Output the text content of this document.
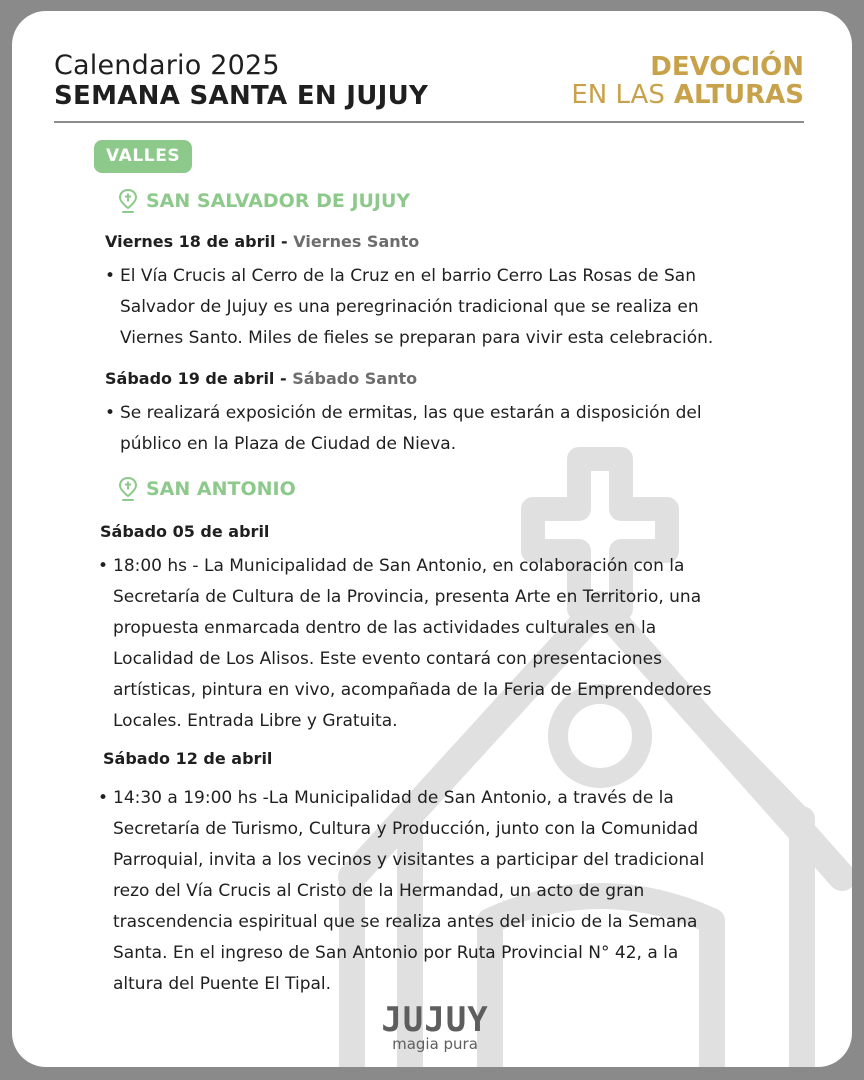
Calendario 2025
SEMANA SANTA EN JUJUY
DEVOCIÓN
EN LAS ALTURAS
VALLES
SAN SALVADOR DE JUJUY
Viernes 18 de abril - Viernes Santo
• El Vía Crucis al Cerro de la Cruz en el barrio Cerro Las Rosas de San
Salvador de Jujuy es una peregrinación tradicional que se realiza en
Viernes Santo. Miles de fieles se preparan para vivir esta celebración.
Sábado 19 de abril - Sábado Santo
• Se realizará exposición de ermitas, las que estarán a disposición del
público en la Plaza de Ciudad de Nieva.
SAN ANTONIO
Sábado 05 de abril
• 18:00 hs - La Municipalidad de San Antonio, en colaboración con la
Secretaría de Cultura de la Provincia, presenta Arte en Territorio, una
propuesta enmarcada dentro de las actividades culturales en la
Localidad de Los Alisos. Este evento contará con presentaciones
artísticas, pintura en vivo, acompañada de la Feria de Emprendedores
Locales. Entrada Libre y Gratuita.
Sábado 12 de abril
• 14:30 a 19:00 hs -La Municipalidad de San Antonio, a través de la
Secretaría de Turismo, Cultura y Producción, junto con la Comunidad
Parroquial, invita a los vecinos y visitantes a participar del tradicional
rezo del Vía Crucis al Cristo de la Hermandad, un acto de gran
trascendencia espiritual que se realiza antes del inicio de la Semana
Santa. En el ingreso de San Antonio por Ruta Provincial N° 42, a la
altura del Puente El Tipal.
JUJUY
magia pura
